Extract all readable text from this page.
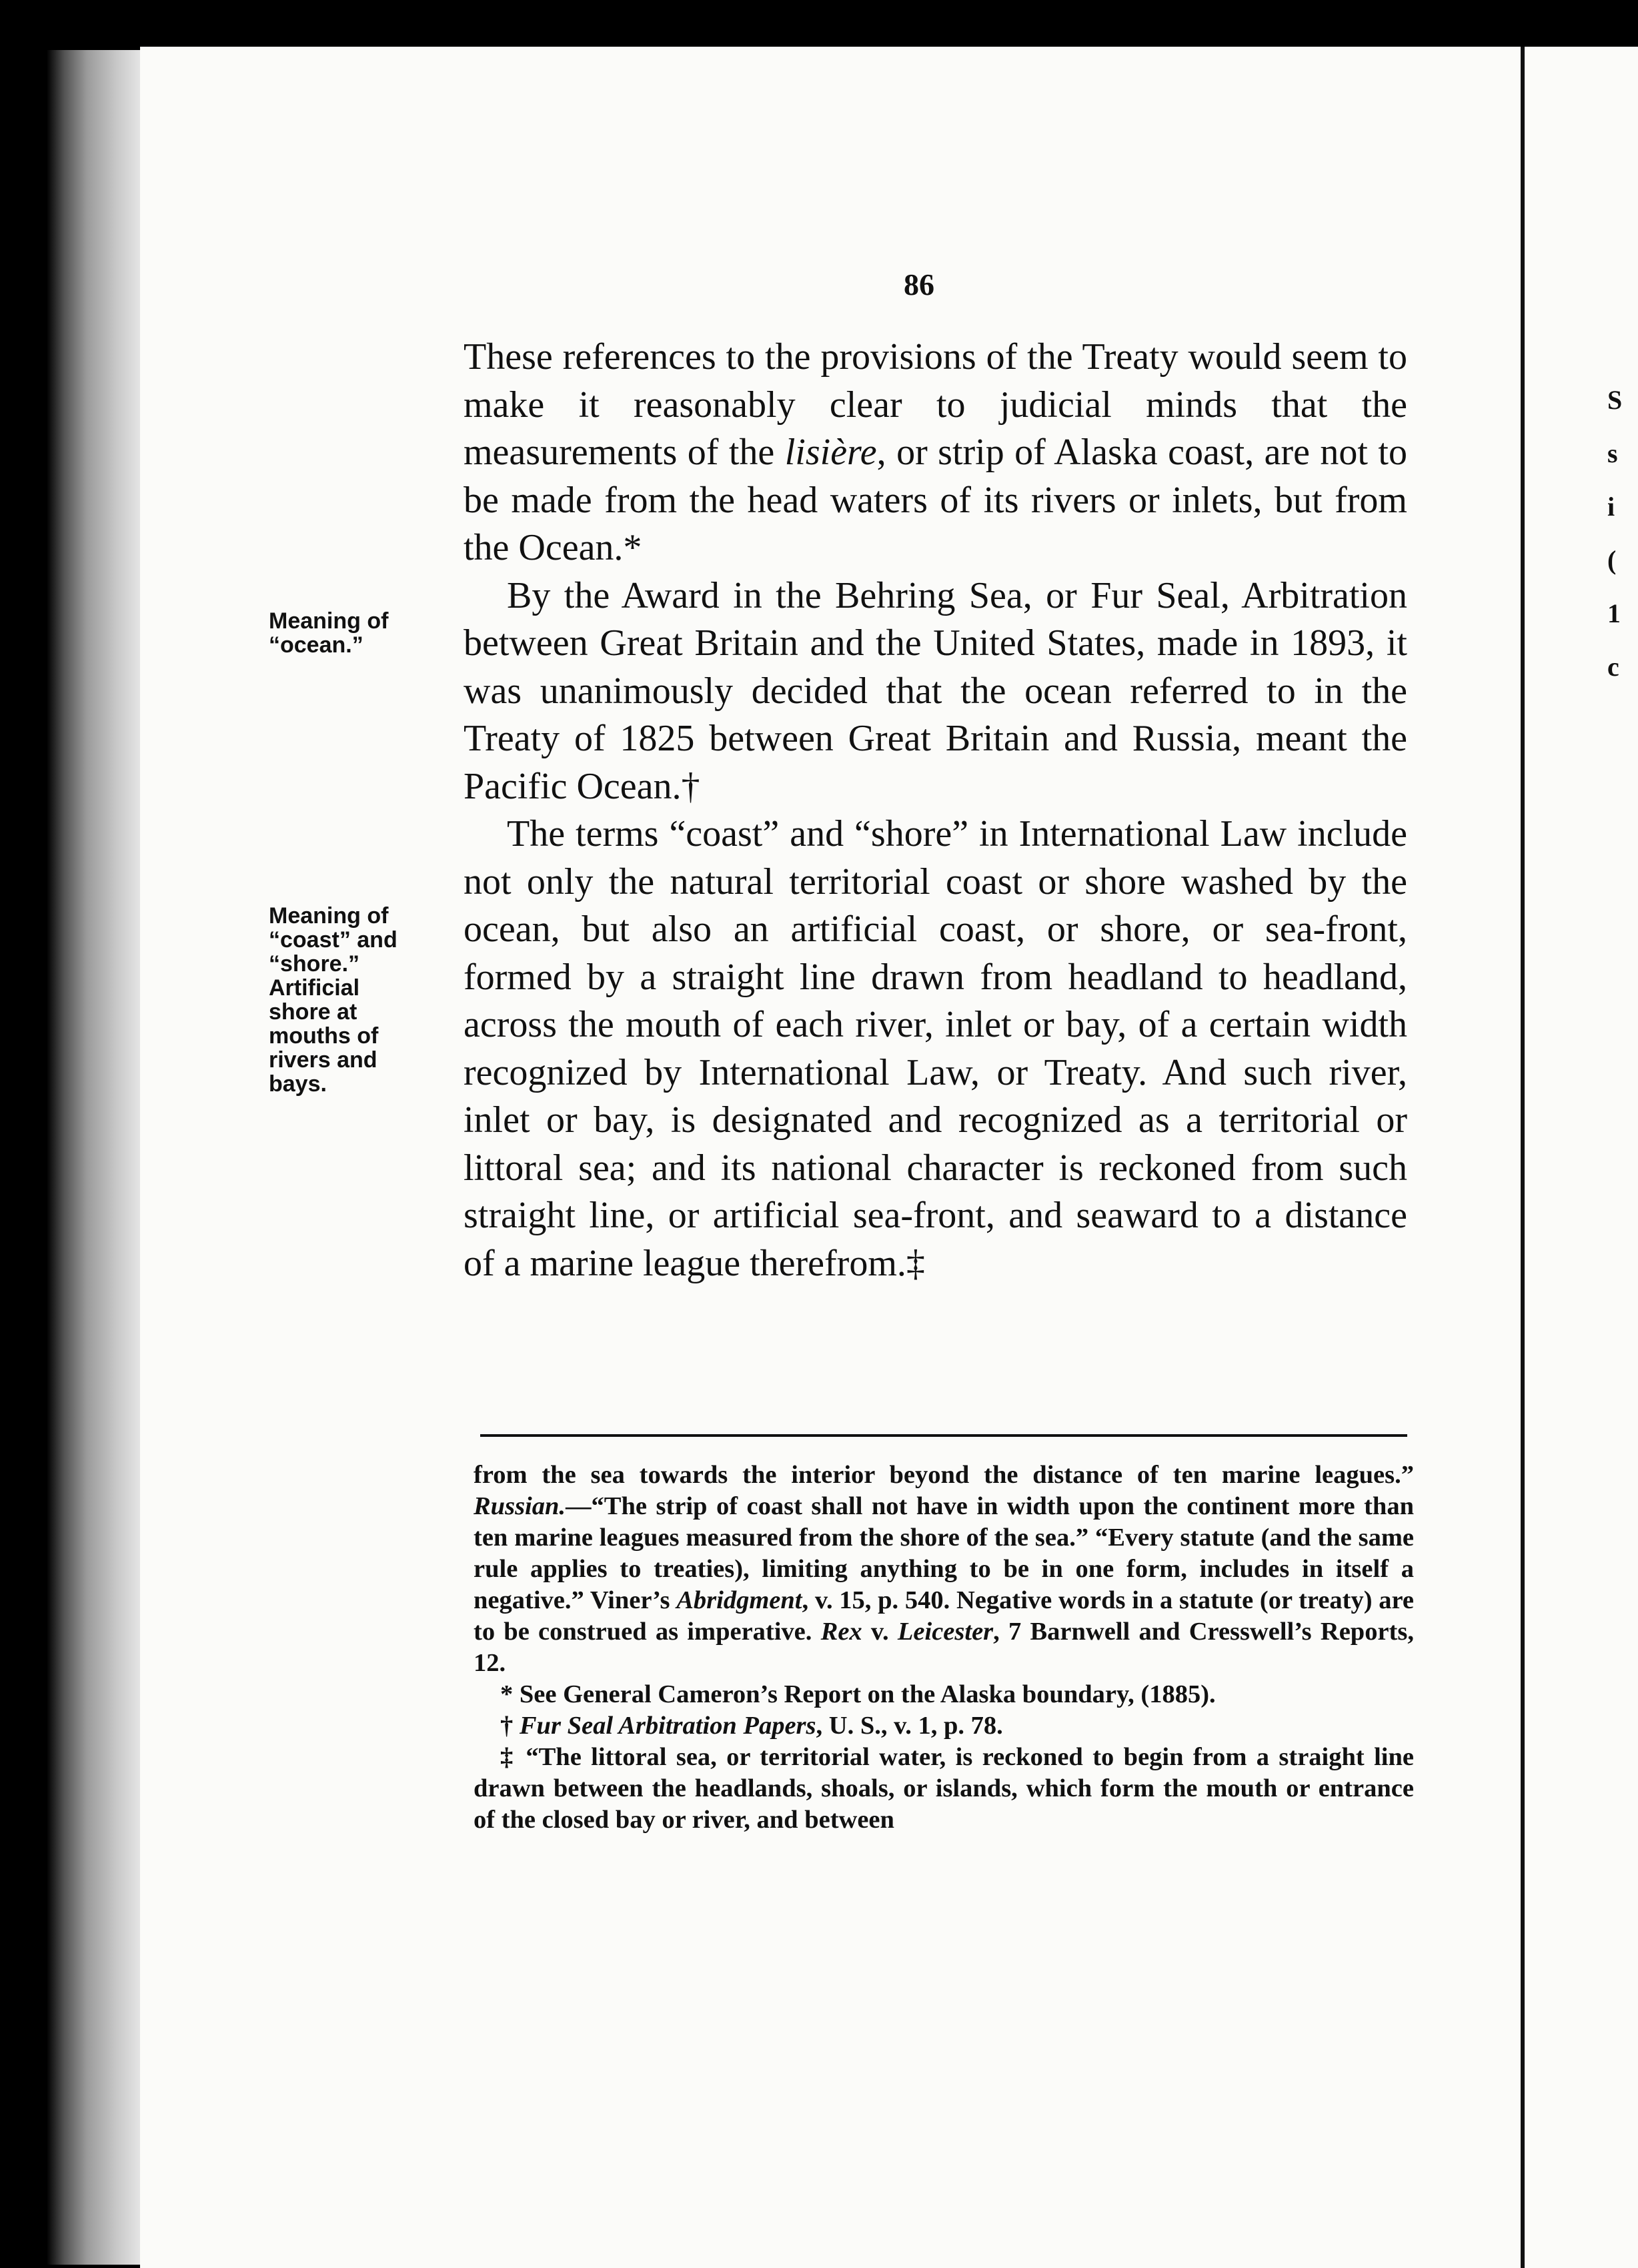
86
Meaning of
“ocean.”
Meaning of
“coast” and
“shore.”
Artificial
shore at
mouths of
rivers and
bays.

These references to the provisions of the Treaty would seem to make it reasonably clear to judicial minds that the measurements of the lisière, or strip of Alaska coast, are not to be made from the head waters of its rivers or inlets, but from the Ocean.*

By the Award in the Behring Sea, or Fur Seal, Arbitration between Great Britain and the United States, made in 1893, it was unanimously decided that the ocean referred to in the Treaty of 1825 between Great Britain and Russia, meant the Pacific Ocean.†

The terms “coast” and “shore” in International Law include not only the natural territorial coast or shore washed by the ocean, but also an artificial coast, or shore, or sea-front, formed by a straight line drawn from headland to headland, across the mouth of each river, inlet or bay, of a certain width recognized by International Law, or Treaty. And such river, inlet or bay, is designated and recognized as a territorial or littoral sea; and its national character is reckoned from such straight line, or artificial sea-front, and seaward to a distance of a marine league therefrom.‡

from the sea towards the interior beyond the distance of ten marine leagues.” Russian.—“The strip of coast shall not have in width upon the continent more than ten marine leagues measured from the shore of the sea.” “Every statute (and the same rule applies to treaties), limiting anything to be in one form, includes in itself a negative.” Viner’s Abridgment, v. 15, p. 540. Negative words in a statute (or treaty) are to be construed as imperative. Rex v. Leicester, 7 Barnwell and Cresswell’s Reports, 12.

* See General Cameron’s Report on the Alaska boundary, (1885).

† Fur Seal Arbitration Papers, U. S., v. 1, p. 78.

‡ “The littoral sea, or territorial water, is reckoned to begin from a straight line drawn between the headlands, shoals, or islands, which form the mouth or entrance of the closed bay or river, and between

S
s
i
(
1
c
